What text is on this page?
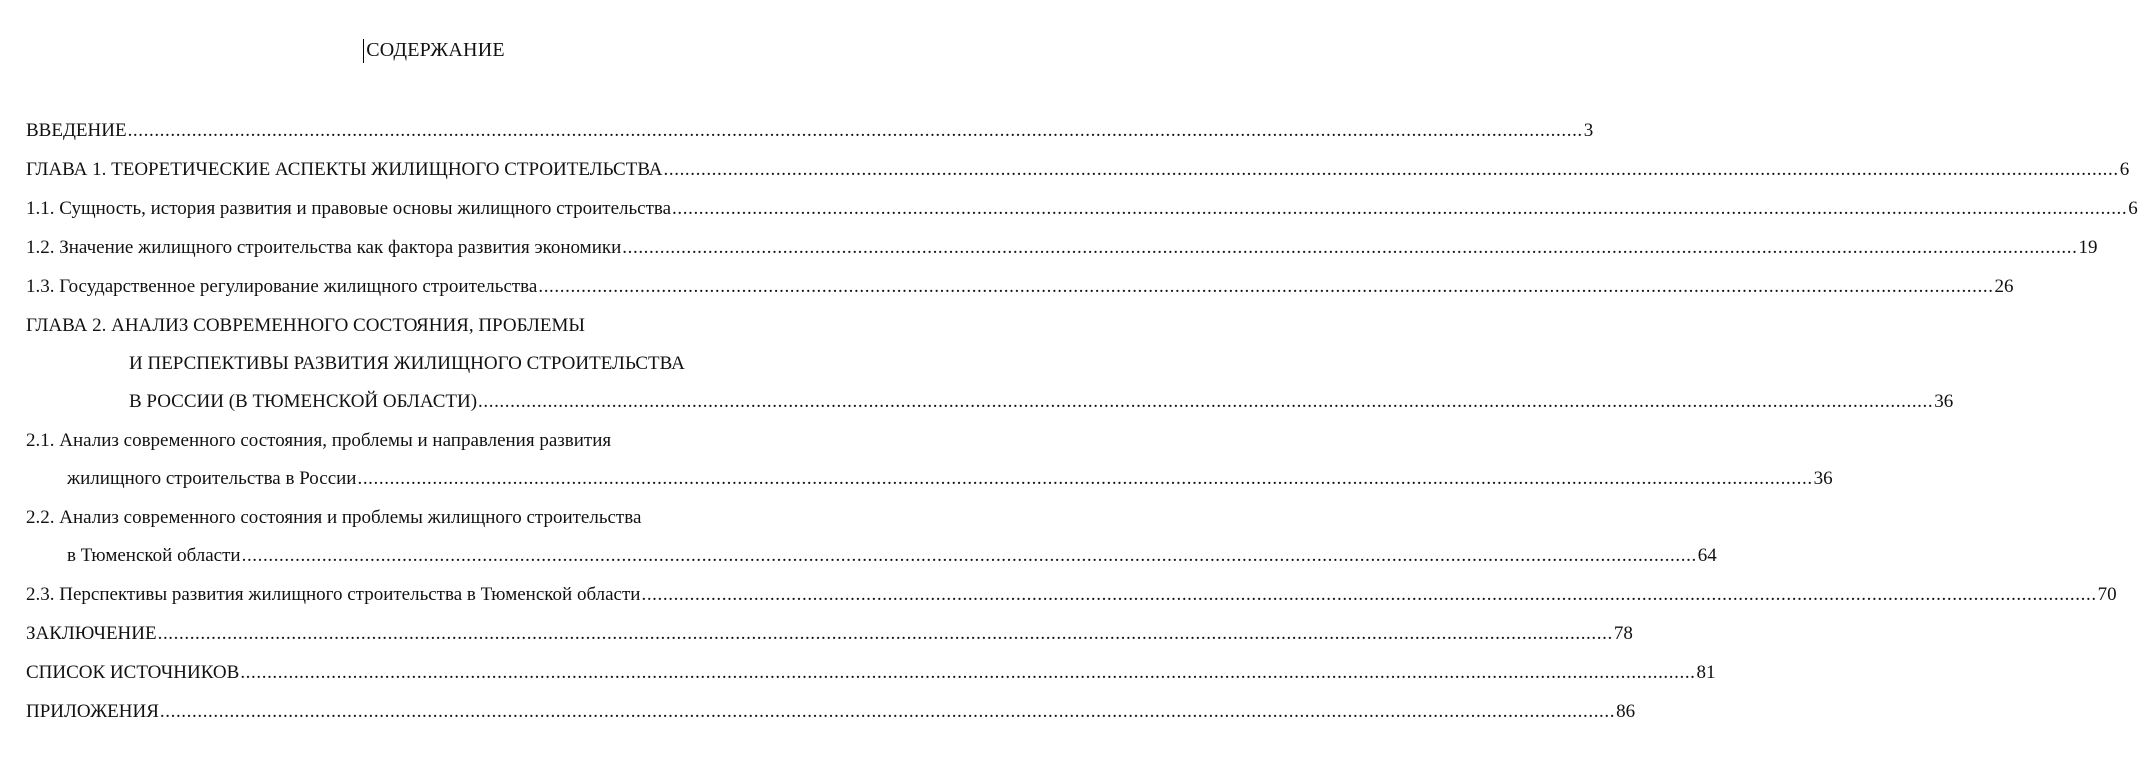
СОДЕРЖАНИЕ
ВВЕДЕНИЕ ................................................................................................................................................................................................................................................................................ 3
ГЛАВА 1. ТЕОРЕТИЧЕСКИЕ АСПЕКТЫ ЖИЛИЩНОГО СТРОИТЕЛЬСТВА ................................................................................................................................................................................................................................................................................ 6
1.1. Сущность, история развития и правовые основы жилищного строительства ................................................................................................................................................................................................................................................................................ 6
1.2. Значение жилищного строительства как фактора развития экономики ................................................................................................................................................................................................................................................................................ 19
1.3. Государственное регулирование жилищного строительства ................................................................................................................................................................................................................................................................................ 26
ГЛАВА 2. АНАЛИЗ СОВРЕМЕННОГО СОСТОЯНИЯ, ПРОБЛЕМЫ
И ПЕРСПЕКТИВЫ РАЗВИТИЯ ЖИЛИЩНОГО СТРОИТЕЛЬСТВА
В РОССИИ (В ТЮМЕНСКОЙ ОБЛАСТИ) ................................................................................................................................................................................................................................................................................ 36
2.1. Анализ современного состояния, проблемы и направления развития
жилищного строительства в России ................................................................................................................................................................................................................................................................................ 36
2.2. Анализ современного состояния и проблемы жилищного строительства
в Тюменской области ................................................................................................................................................................................................................................................................................ 64
2.3. Перспективы развития жилищного строительства в Тюменской области ................................................................................................................................................................................................................................................................................ 70
ЗАКЛЮЧЕНИЕ ................................................................................................................................................................................................................................................................................ 78
СПИСОК ИСТОЧНИКОВ ................................................................................................................................................................................................................................................................................ 81
ПРИЛОЖЕНИЯ ................................................................................................................................................................................................................................................................................ 86
